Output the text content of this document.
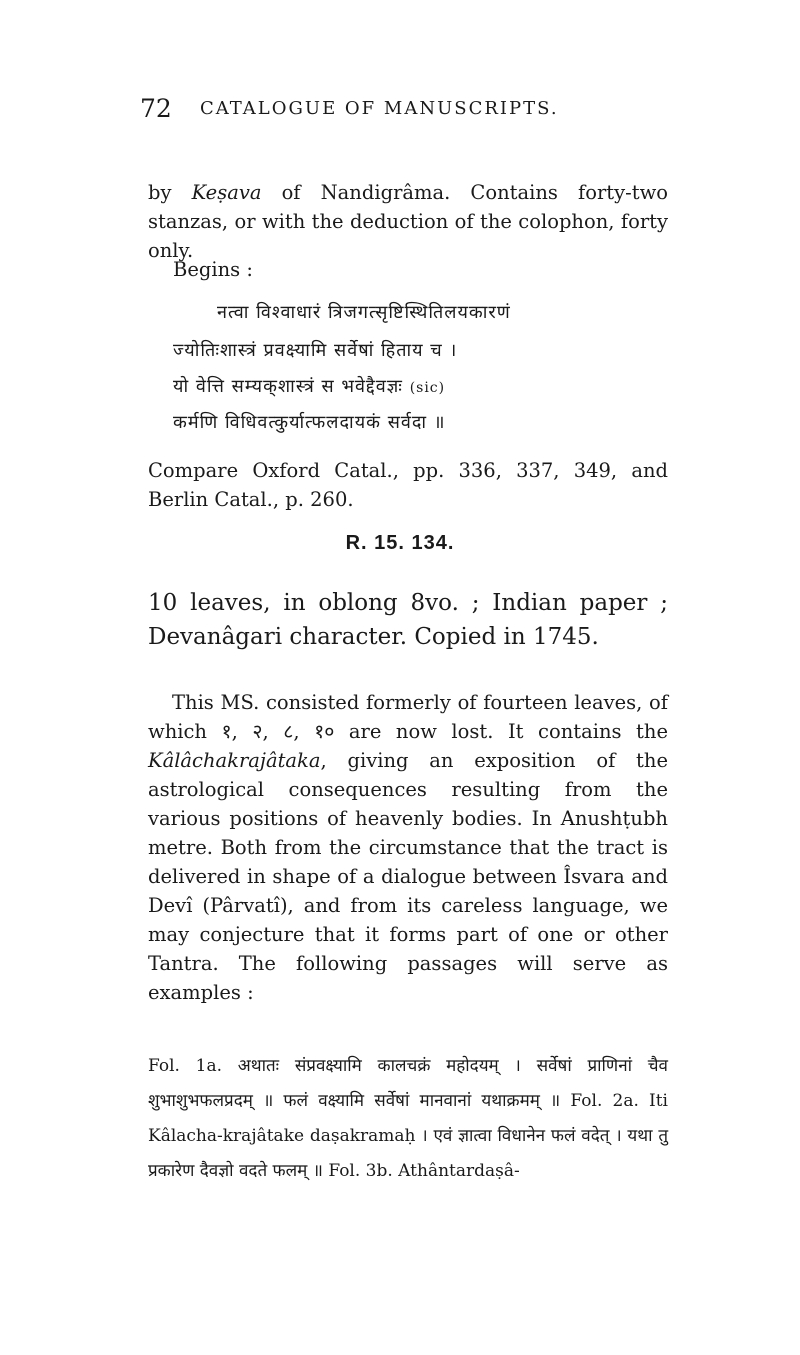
72 CATALOGUE OF MANUSCRIPTS.

by Keṣava of Nandigrâma. Contains forty-two stanzas, or with the deduction of the colophon, forty only.

Begins :
नत्वा विश्वाधारं त्रिजगत्सृष्टिस्थितिलयकारणं
ज्योतिःशास्त्रं प्रवक्ष्यामि सर्वेषां हिताय च ।
यो वेत्ति सम्यक्‌शास्त्रं स भवेद्दैवज्ञः (sic)
कर्मणि विधिवत्कुर्यात्फलदायकं सर्वदा ॥

Compare Oxford Catal., pp. 336, 337, 349, and Berlin Catal., p. 260.

R. 15. 134.

10 leaves, in oblong 8vo. ; Indian paper ; Devanâgari character. Copied in 1745.

This MS. consisted formerly of fourteen leaves, of which १, २, ८, १० are now lost. It contains the Kâlâchakrajâtaka, giving an exposition of the astrological consequences resulting from the various positions of heavenly bodies. In Anushṭubh metre. Both from the circumstance that the tract is delivered in shape of a dialogue between Îsvara and Devî (Pârvatî), and from its careless language, we may conjecture that it forms part of one or other Tantra. The following passages will serve as examples :

Fol. 1a. अथातः संप्रवक्ष्यामि कालचक्रं महोदयम् । सर्वेषां प्राणिनां चैव शुभाशुभफलप्रदम् ॥ फलं वक्ष्यामि सर्वेषां मानवानां यथाक्रमम् ॥ Fol. 2a. Iti Kâlacha-krajâtake daṣakramaḥ । एवं ज्ञात्वा विधानेन फलं वदेत् । यथा तु प्रकारेण दैवज्ञो वदते फलम् ॥ Fol. 3b. Athântardaṣâ-
